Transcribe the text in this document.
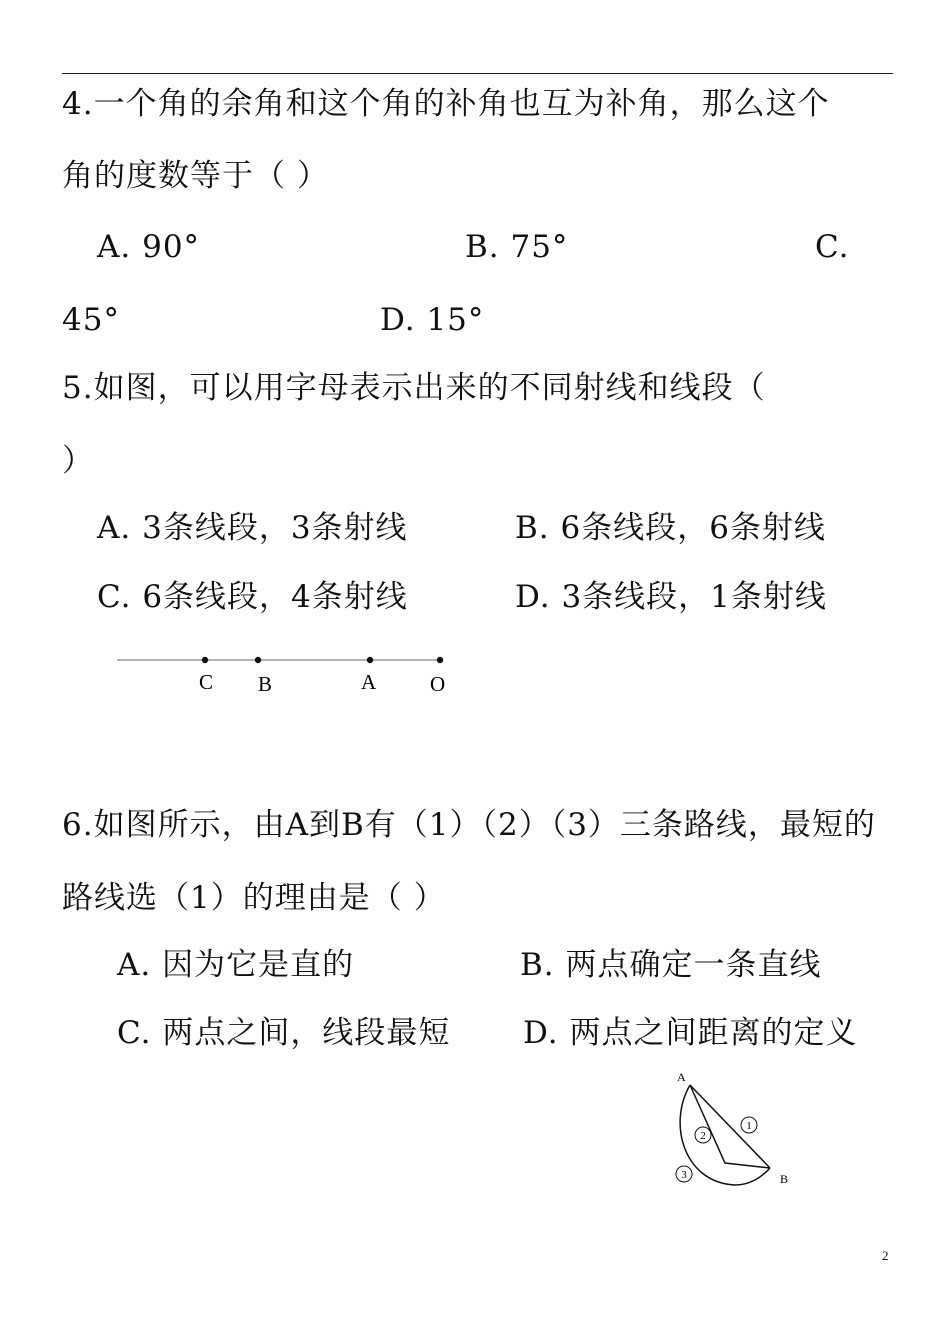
4.一个角的余角和这个角的补角也互为补角，那么这个
角的度数等于（ ）
A. 90°	B. 75°	C.
45°	D. 15°
5.如图，可以用字母表示出来的不同射线和线段（
）
A. 3条线段，3条射线	B. 6条线段，6条射线
C. 6条线段，4条射线	D. 3条线段，1条射线
C B	A	O
6.如图所示，由A到B有（1）（2）（3）三条路线，最短的
路线选（1）的理由是（ ）
A. 因为它是直的	B. 两点确定一条直线
C. 两点之间，线段最短 D. 两点之间距离的定义
A
B
1
2
3
2
